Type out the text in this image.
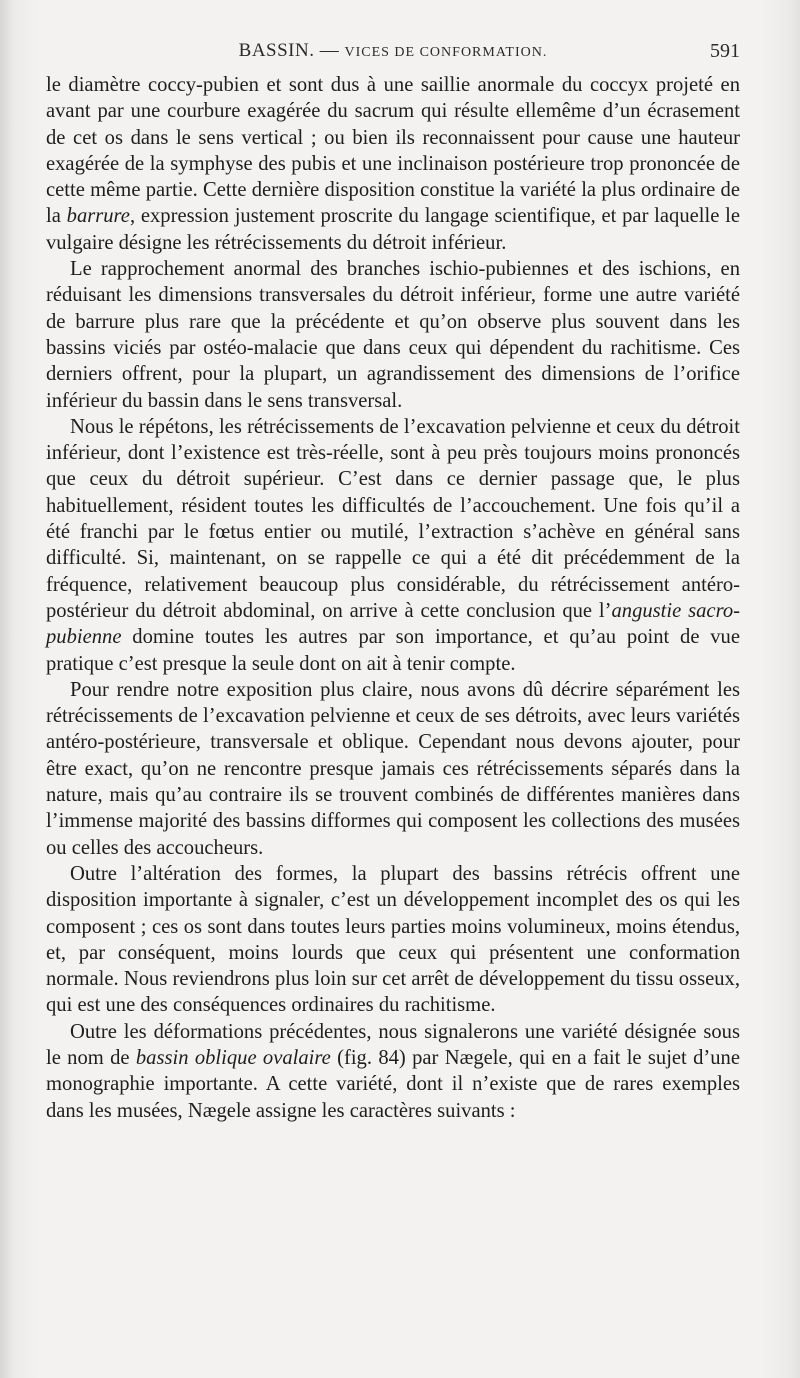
BASSIN. — VICES DE CONFORMATION.	591

le diamètre coccy-pubien et sont dus à une saillie anormale du coccyx projeté en avant par une courbure exagérée du sacrum qui résulte ellemême d’un écrasement de cet os dans le sens vertical ; ou bien ils reconnaissent pour cause une hauteur exagérée de la symphyse des pubis et une inclinaison postérieure trop prononcée de cette même partie. Cette dernière disposition constitue la variété la plus ordinaire de la barrure, expression justement proscrite du langage scientifique, et par laquelle le vulgaire désigne les rétrécissements du détroit inférieur.

Le rapprochement anormal des branches ischio-pubiennes et des ischions, en réduisant les dimensions transversales du détroit inférieur, forme une autre variété de barrure plus rare que la précédente et qu’on observe plus souvent dans les bassins viciés par ostéo-malacie que dans ceux qui dépendent du rachitisme. Ces derniers offrent, pour la plupart, un agrandissement des dimensions de l’orifice inférieur du bassin dans le sens transversal.

Nous le répétons, les rétrécissements de l’excavation pelvienne et ceux du détroit inférieur, dont l’existence est très-réelle, sont à peu près toujours moins prononcés que ceux du détroit supérieur. C’est dans ce dernier passage que, le plus habituellement, résident toutes les difficultés de l’accouchement. Une fois qu’il a été franchi par le fœtus entier ou mutilé, l’extraction s’achève en général sans difficulté. Si, maintenant, on se rappelle ce qui a été dit précédemment de la fréquence, relativement beaucoup plus considérable, du rétrécissement antéro-postérieur du détroit abdominal, on arrive à cette conclusion que l’angustie sacro-pubienne domine toutes les autres par son importance, et qu’au point de vue pratique c’est presque la seule dont on ait à tenir compte.

Pour rendre notre exposition plus claire, nous avons dû décrire séparément les rétrécissements de l’excavation pelvienne et ceux de ses détroits, avec leurs variétés antéro-postérieure, transversale et oblique. Cependant nous devons ajouter, pour être exact, qu’on ne rencontre presque jamais ces rétrécissements séparés dans la nature, mais qu’au contraire ils se trouvent combinés de différentes manières dans l’immense majorité des bassins difformes qui composent les collections des musées ou celles des accoucheurs.

Outre l’altération des formes, la plupart des bassins rétrécis offrent une disposition importante à signaler, c’est un développement incomplet des os qui les composent ; ces os sont dans toutes leurs parties moins volumineux, moins étendus, et, par conséquent, moins lourds que ceux qui présentent une conformation normale. Nous reviendrons plus loin sur cet arrêt de développement du tissu osseux, qui est une des conséquences ordinaires du rachitisme.

Outre les déformations précédentes, nous signalerons une variété désignée sous le nom de bassin oblique ovalaire (fig. 84) par Nægele, qui en a fait le sujet d’une monographie importante. A cette variété, dont il n’existe que de rares exemples dans les musées, Nægele assigne les caractères suivants :
